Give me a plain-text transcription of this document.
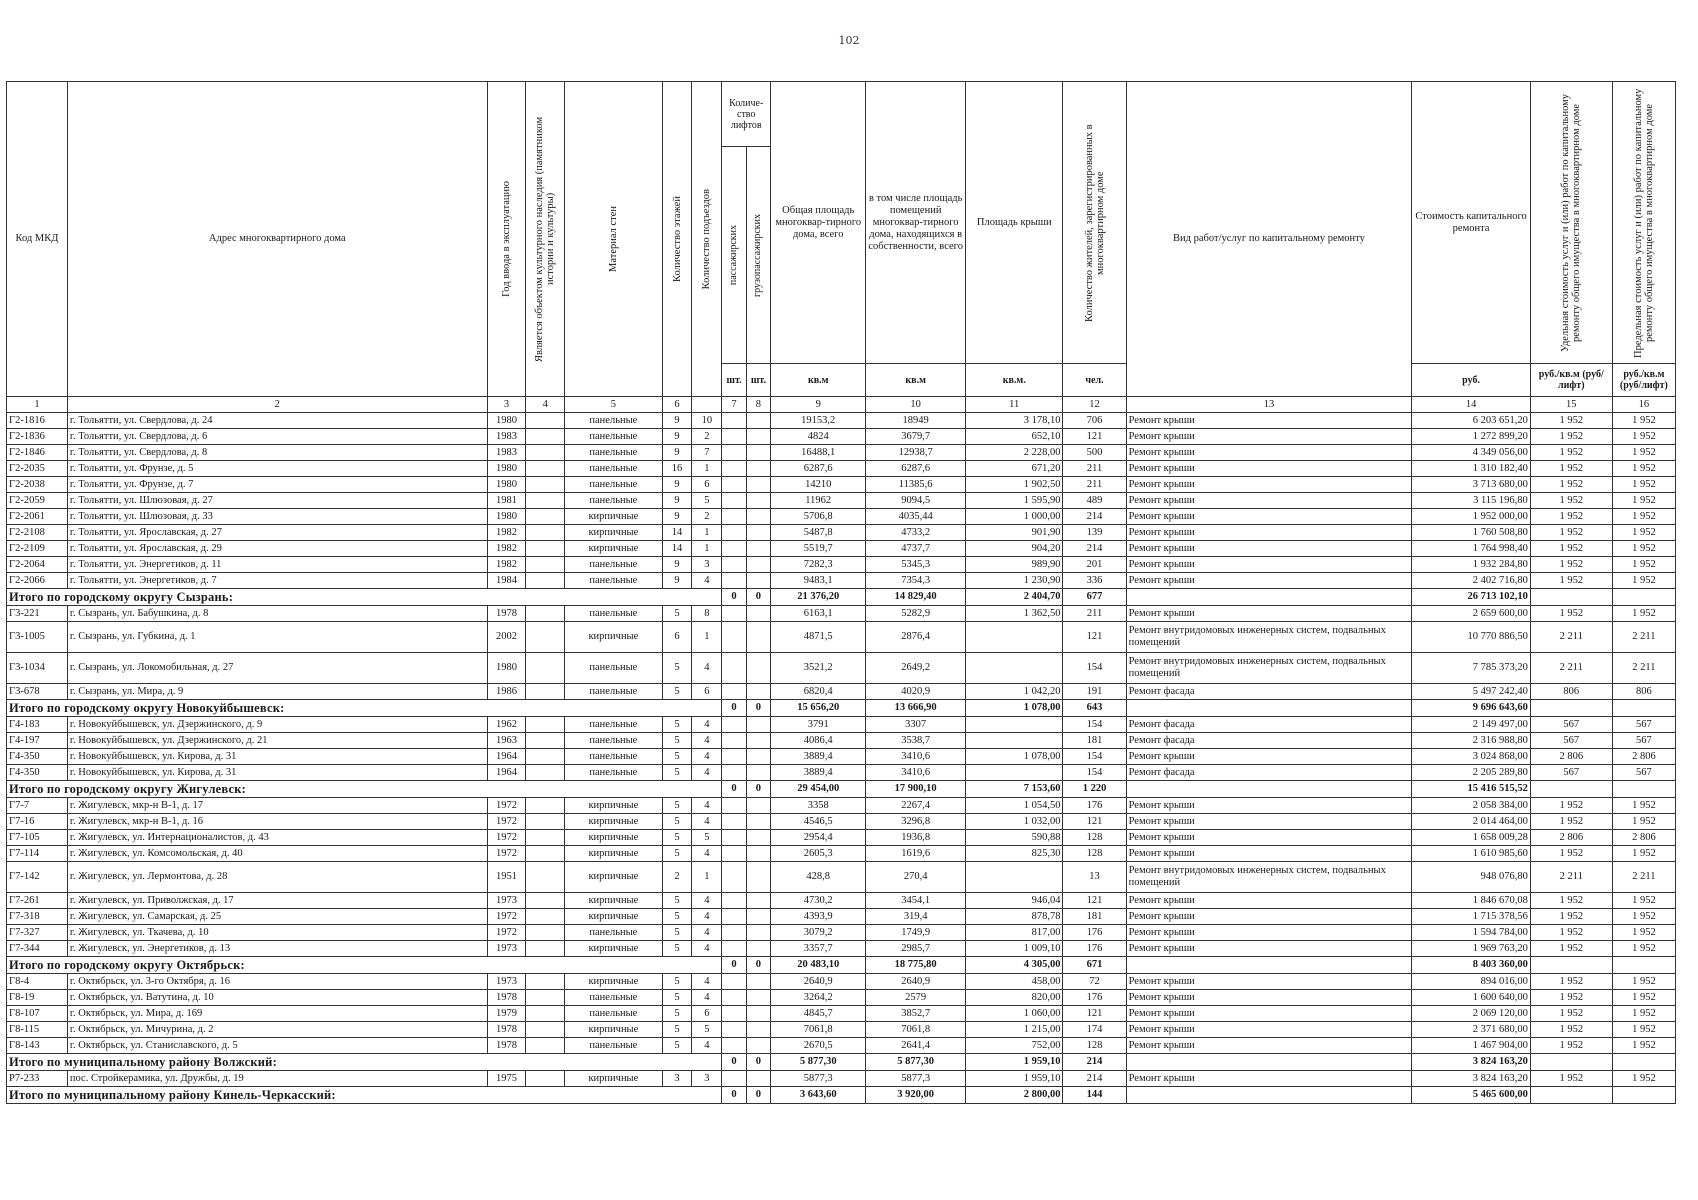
102
Код МКД	Адрес многоквартирного дома	Год ввода в эксплуатацию	Является объектом культурного наследия (памятником истории и культуры)	Материал стен	Количество этажей	Количество подъездов	Количе-ство лифтов
пассажирских грузопассажирских		Общая площадь многоквар-тирного дома, всего	в том числе площадь помещений многоквар-тирного дома, находящихся в собственности, всего	Площадь крыши	Количество жителей, зарегистрированных в многоквартирном доме	Вид работ/услуг по капитальному ремонту	Стоимость капитального ремонта	Удельная стоимость услуг и (или) работ по капитальному ремонту общего имущества в многоквартирном доме	Предельная стоимость услуг и (или) работ по капитальному ремонту общего имущества в многоквартирном доме

							шт.	шт.	кв.м	кв.м	кв.м.	чел.		руб.	руб./кв.м (руб/лифт)	руб./кв.м (руб/лифт)
1	2	3	4	5	6		7	8	9	10	11	12	13	14	15	16
Г2-1816	г. Тольятти, ул. Свердлова, д. 24	1980		панельные	9	10			19153,2	18949	3 178,10	706	Ремонт крыши	6 203 651,20	1 952	1 952
Г2-1836	г. Тольятти, ул. Свердлова, д. 6	1983		панельные	9	2			4824	3679,7	652,10	121	Ремонт крыши	1 272 899,20	1 952	1 952
Г2-1846	г. Тольятти, ул. Свердлова, д. 8	1983		панельные	9	7			16488,1	12938,7	2 228,00	500	Ремонт крыши	4 349 056,00	1 952	1 952
Г2-2035	г. Тольятти, ул. Фрунзе, д. 5	1980		панельные	16	1			6287,6	6287,6	671,20	211	Ремонт крыши	1 310 182,40	1 952	1 952
Г2-2038	г. Тольятти, ул. Фрунзе, д. 7	1980		панельные	9	6			14210	11385,6	1 902,50	211	Ремонт крыши	3 713 680,00	1 952	1 952
Г2-2059	г. Тольятти, ул. Шлюзовая, д. 27	1981		панельные	9	5			11962	9094,5	1 595,90	489	Ремонт крыши	3 115 196,80	1 952	1 952
Г2-2061	г. Тольятти, ул. Шлюзовая, д. 33	1980		кирпичные	9	2			5706,8	4035,44	1 000,00	214	Ремонт крыши	1 952 000,00	1 952	1 952
Г2-2108	г. Тольятти, ул. Ярославская, д. 27	1982		кирпичные	14	1			5487,8	4733,2	901,90	139	Ремонт крыши	1 760 508,80	1 952	1 952
Г2-2109	г. Тольятти, ул. Ярославская, д. 29	1982		кирпичные	14	1			5519,7	4737,7	904,20	214	Ремонт крыши	1 764 998,40	1 952	1 952
Г2-2064	г. Тольятти, ул. Энергетиков, д. 11	1982		панельные	9	3			7282,3	5345,3	989,90	201	Ремонт крыши	1 932 284,80	1 952	1 952
Г2-2066	г. Тольятти, ул. Энергетиков, д. 7	1984		панельные	9	4			9483,1	7354,3	1 230,90	336	Ремонт крыши	2 402 716,80	1 952	1 952
Итого по городскому округу Сызрань:							0	0	21 376,20	14 829,40	2 404,70	677		26 713 102,10		
Г3-221	г. Сызрань, ул. Бабушкина, д. 8	1978		панельные	5	8			6163,1	5282,9	1 362,50	211	Ремонт крыши	2 659 600,00	1 952	1 952
Г3-1005	г. Сызрань, ул. Губкина, д. 1	2002		кирпичные	6	1			4871,5	2876,4		121	Ремонт внутридомовых инженерных систем, подвальных помещений	10 770 886,50	2 211	2 211
Г3-1034	г. Сызрань, ул. Локомобильная, д. 27	1980		панельные	5	4			3521,2	2649,2		154	Ремонт внутридомовых инженерных систем, подвальных помещений	7 785 373,20	2 211	2 211
Г3-678	г. Сызрань, ул. Мира, д. 9	1986		панельные	5	6			6820,4	4020,9	1 042,20	191	Ремонт фасада	5 497 242,40	806	806
Итого по городскому округу Новокуйбышевск:							0	0	15 656,20	13 666,90	1 078,00	643		9 696 643,60		
Г4-183	г. Новокуйбышевск, ул. Дзержинского, д. 9	1962		панельные	5	4			3791	3307		154	Ремонт фасада	2 149 497,00	567	567
Г4-197	г. Новокуйбышевск, ул. Дзержинского, д. 21	1963		панельные	5	4			4086,4	3538,7		181	Ремонт фасада	2 316 988,80	567	567
Г4-350	г. Новокуйбышевск, ул. Кирова, д. 31	1964		панельные	5	4			3889,4	3410,6	1 078,00	154	Ремонт крыши	3 024 868,00	2 806	2 806
Г4-350	г. Новокуйбышевск, ул. Кирова, д. 31	1964		панельные	5	4			3889,4	3410,6		154	Ремонт фасада	2 205 289,80	567	567
Итого по городскому округу Жигулевск:							0	0	29 454,00	17 900,10	7 153,60	1 220		15 416 515,52		
Г7-7	г. Жигулевск, мкр-н В-1, д. 17	1972		кирпичные	5	4			3358	2267,4	1 054,50	176	Ремонт крыши	2 058 384,00	1 952	1 952
Г7-16	г. Жигулевск, мкр-н В-1, д. 16	1972		кирпичные	5	4			4546,5	3296,8	1 032,00	121	Ремонт крыши	2 014 464,00	1 952	1 952
Г7-105	г. Жигулевск, ул. Интернационалистов, д. 43	1972		кирпичные	5	5			2954,4	1936,8	590,88	128	Ремонт крыши	1 658 009,28	2 806	2 806
Г7-114	г. Жигулевск, ул. Комсомольская, д. 40	1972		кирпичные	5	4			2605,3	1619,6	825,30	128	Ремонт крыши	1 610 985,60	1 952	1 952
Г7-142	г. Жигулевск, ул. Лермонтова, д. 28	1951		кирпичные	2	1			428,8	270,4		13	Ремонт внутридомовых инженерных систем, подвальных помещений	948 076,80	2 211	2 211
Г7-261	г. Жигулевск, ул. Приволжская, д. 17	1973		кирпичные	5	4			4730,2	3454,1	946,04	121	Ремонт крыши	1 846 670,08	1 952	1 952
Г7-318	г. Жигулевск, ул. Самарская, д. 25	1972		кирпичные	5	4			4393,9	319,4	878,78	181	Ремонт крыши	1 715 378,56	1 952	1 952
Г7-327	г. Жигулевск, ул. Ткачева, д. 10	1972		панельные	5	4			3079,2	1749,9	817,00	176	Ремонт крыши	1 594 784,00	1 952	1 952
Г7-344	г. Жигулевск, ул. Энергетиков, д. 13	1973		кирпичные	5	4			3357,7	2985,7	1 009,10	176	Ремонт крыши	1 969 763,20	1 952	1 952
Итого по городскому округу Октябрьск:							0	0	20 483,10	18 775,80	4 305,00	671		8 403 360,00		
Г8-4	г. Октябрьск, ул. 3-го Октября, д. 16	1973		кирпичные	5	4			2640,9	2640,9	458,00	72	Ремонт крыши	894 016,00	1 952	1 952
Г8-19	г. Октябрьск, ул. Ватутина, д. 10	1978		панельные	5	4			3264,2	2579	820,00	176	Ремонт крыши	1 600 640,00	1 952	1 952
Г8-107	г. Октябрьск, ул. Мира, д. 169	1979		панельные	5	6			4845,7	3852,7	1 060,00	121	Ремонт крыши	2 069 120,00	1 952	1 952
Г8-115	г. Октябрьск, ул. Мичурина, д. 2	1978		кирпичные	5	5			7061,8	7061,8	1 215,00	174	Ремонт крыши	2 371 680,00	1 952	1 952
Г8-143	г. Октябрьск, ул. Станиславского, д. 5	1978		панельные	5	4			2670,5	2641,4	752,00	128	Ремонт крыши	1 467 904,00	1 952	1 952
Итого по муниципальному району Волжский:							0	0	5 877,30	5 877,30	1 959,10	214		3 824 163,20		
Р7-233	пос. Стройкерамика, ул. Дружбы, д. 19	1975		кирпичные	3	3			5877,3	5877,3	1 959,10	214	Ремонт крыши	3 824 163,20	1 952	1 952
Итого по муниципальному району Кинель-Черкасский:							0	0	3 643,60	3 920,00	2 800,00	144		5 465 600,00		
